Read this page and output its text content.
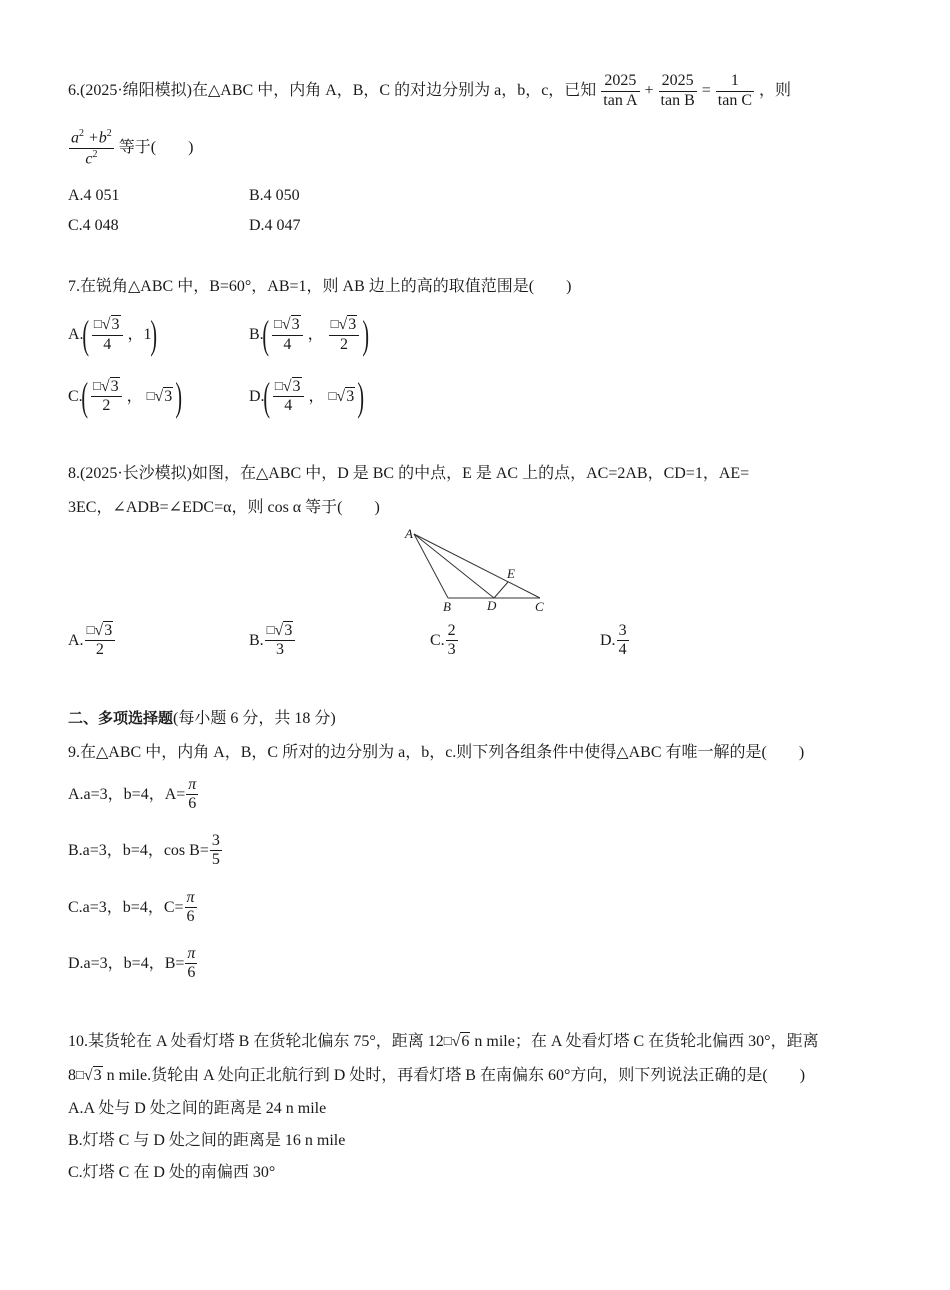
6.(2025·绵阳模拟)在△ABC 中，内角 A，B，C 的对边分别为 a，b，c，已知 $\frac{2025}{\text{tan A}} + \frac{2025}{\text{tan B}} = \frac{1}{\text{tan C}}$ ，则
$\frac{a^2 +b^2}{c^2}$ 等于(　　)
A.4 051	B.4 050
C.4 048	D.4 047
7.在锐角△ABC 中，B=60°，AB=1，则 AB 边上的高的取值范围是(　　)
$A.( \frac{□√3}{4}$ ，1)	$B.( \frac{□√3}{4}$ ， $\frac{□√3}{2}$ )
$C.( \frac{□√3}{2}$ ， □√3 )	$D.( \frac{□√3}{4}$ ， □√3 )
8.(2025·长沙模拟)如图，在△ABC 中，D 是 BC 的中点，E 是 AC 上的点，AC=2AB，CD=1，AE=
3EC，∠ADB=∠EDC=α，则 cos α 等于(　　)
A
E
B	D	C
A. $\frac{□√3}{2}$	B. $\frac{□√3}{3}$	C. $\frac{2}{3}$	D. $\frac{3}{4}$
二、多项选择题(每小题 6 分，共 18 分)
9.在△ABC 中，内角 A，B，C 所对的边分别为 a，b，c.则下列各组条件中使得△ABC 有唯一解的是(　　)
A.a=3，b=4，$A= \frac{\pi}{6}$
B.a=3，b=4，$\cos B= \frac{3}{5}$
C.a=3，b=4，$C= \frac{\pi}{6}$
D.a=3，b=4，$B= \frac{\pi}{6}$
10.某货轮在 A 处看灯塔 B 在货轮北偏东 75°，距离 12□√6 n mile；在 A 处看灯塔 C 在货轮北偏西 30°，距离
8□√3 n mile.货轮由 A 处向正北航行到 D 处时，再看灯塔 B 在南偏东 60°方向，则下列说法正确的是(　　)
A.A 处与 D 处之间的距离是 24 n mile
B.灯塔 C 与 D 处之间的距离是 16 n mile
C.灯塔 C 在 D 处的南偏西 30°
